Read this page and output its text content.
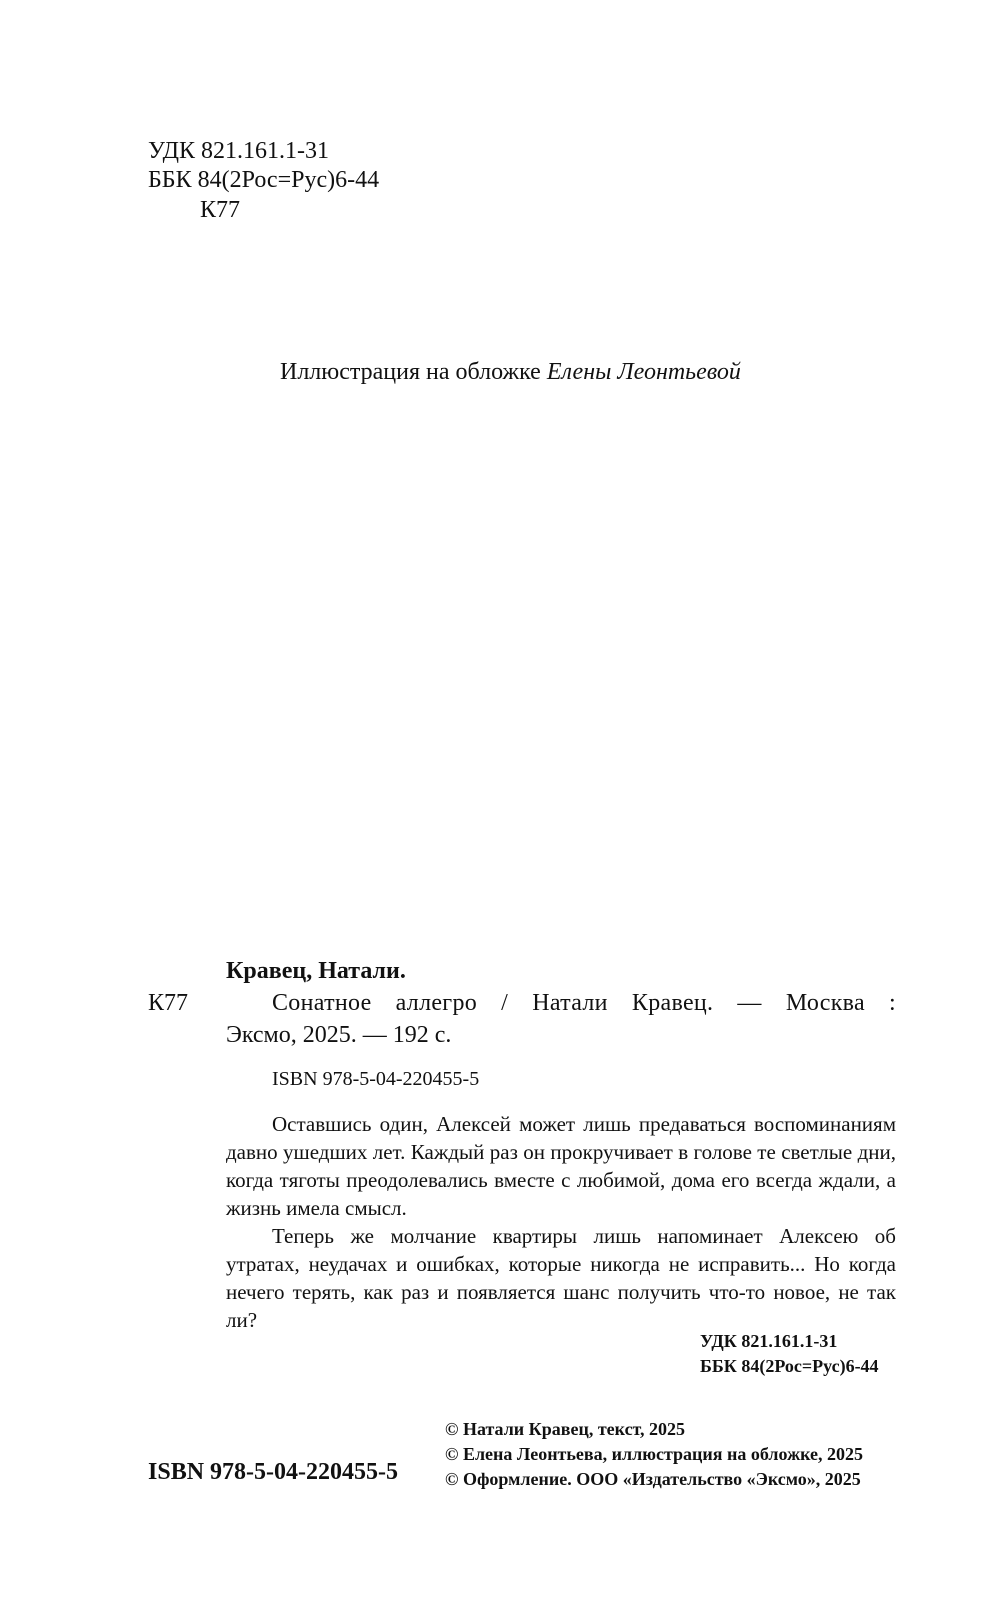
УДК 821.161.1-31
ББК 84(2Рос=Рус)6-44
К77
Иллюстрация на обложке Елены Леонтьевой
К77
Кравец, Натали.
Сонатное аллегро / Натали Кравец. — Москва :
Эксмо, 2025. — 192 с.
ISBN 978-5-04-220455-5

Оставшись один, Алексей может лишь предаваться воспоминаниям давно ушедших лет. Каждый раз он прокручивает в голове те светлые дни, когда тяготы преодолевались вместе с любимой, дома его всегда ждали, а жизнь имела смысл.

Теперь же молчание квартиры лишь напоминает Алексею об утратах, неудачах и ошибках, которые никогда не исправить... Но когда нечего терять, как раз и появляется шанс получить что-то новое, не так ли?

УДК 821.161.1-31
ББК 84(2Рос=Рус)6-44
ISBN 978-5-04-220455-5
© Натали Кравец, текст, 2025
© Елена Леонтьева, иллюстрация на обложке, 2025
© Оформление. ООО «Издательство «Эксмо», 2025
